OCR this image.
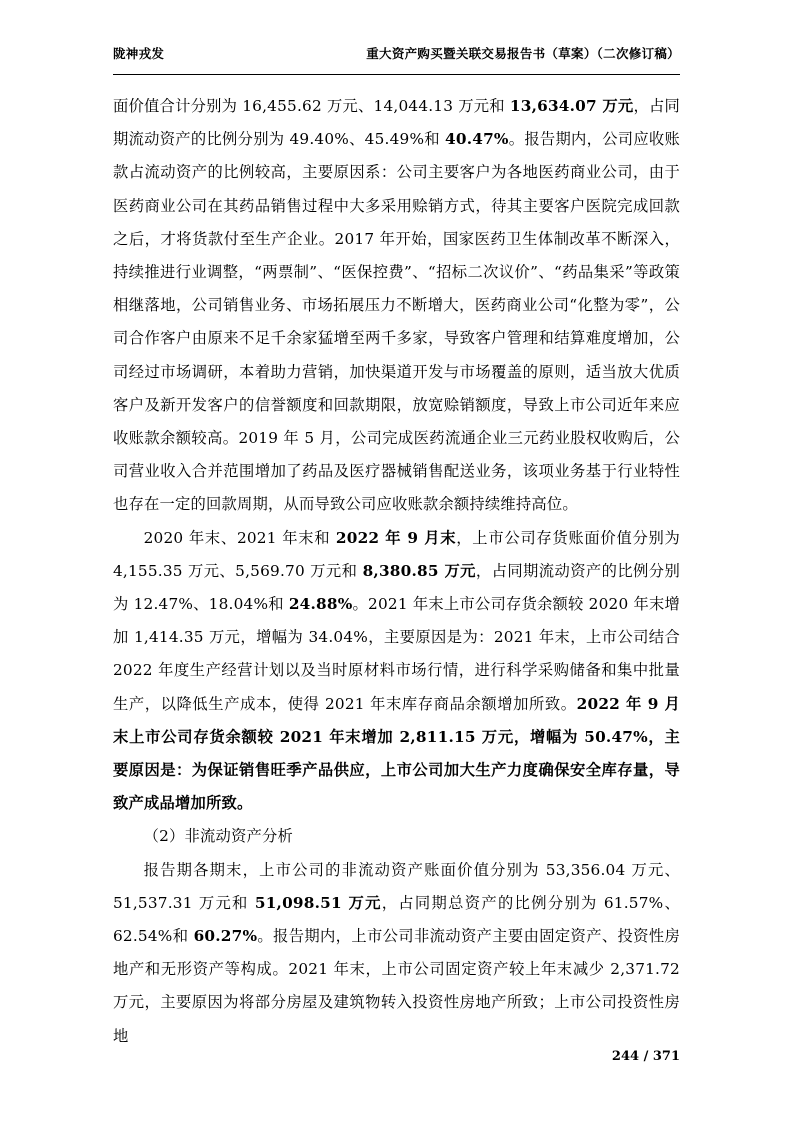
陇神戎发	重大资产购买暨关联交易报告书（草案）（二次修订稿）

面价值合计分别为 16,455.62 万元、14,044.13 万元和 13,634.07 万元，占同期流动资产的比例分别为 49.40%、45.49%和 40.47%。报告期内，公司应收账款占流动资产的比例较高，主要原因系：公司主要客户为各地医药商业公司，由于医药商业公司在其药品销售过程中大多采用赊销方式，待其主要客户医院完成回款之后，才将货款付至生产企业。2017 年开始，国家医药卫生体制改革不断深入，持续推进行业调整，“两票制”、“医保控费”、“招标二次议价”、“药品集采”等政策相继落地，公司销售业务、市场拓展压力不断增大，医药商业公司“化整为零”，公司合作客户由原来不足千余家猛增至两千多家，导致客户管理和结算难度增加，公司经过市场调研，本着助力营销，加快渠道开发与市场覆盖的原则，适当放大优质客户及新开发客户的信誉额度和回款期限，放宽赊销额度，导致上市公司近年来应收账款余额较高。2019 年 5 月，公司完成医药流通企业三元药业股权收购后，公司营业收入合并范围增加了药品及医疗器械销售配送业务，该项业务基于行业特性也存在一定的回款周期，从而导致公司应收账款余额持续维持高位。

2020 年末、2021 年末和 2022 年 9 月末，上市公司存货账面价值分别为 4,155.35 万元、5,569.70 万元和 8,380.85 万元，占同期流动资产的比例分别为 12.47%、18.04%和 24.88%。2021 年末上市公司存货余额较 2020 年末增加 1,414.35 万元，增幅为 34.04%，主要原因是为：2021 年末，上市公司结合 2022 年度生产经营计划以及当时原材料市场行情，进行科学采购储备和集中批量生产，以降低生产成本，使得 2021 年末库存商品余额增加所致。2022 年 9 月末上市公司存货余额较 2021 年末增加 2,811.15 万元，增幅为 50.47%，主要原因是：为保证销售旺季产品供应，上市公司加大生产力度确保安全库存量，导致产成品增加所致。

（2）非流动资产分析

报告期各期末，上市公司的非流动资产账面价值分别为 53,356.04 万元、51,537.31 万元和 51,098.51 万元，占同期总资产的比例分别为 61.57%、62.54%和 60.27%。报告期内，上市公司非流动资产主要由固定资产、投资性房地产和无形资产等构成。2021 年末，上市公司固定资产较上年末减少 2,371.72 万元，主要原因为将部分房屋及建筑物转入投资性房地产所致；上市公司投资性房地

244 / 371
